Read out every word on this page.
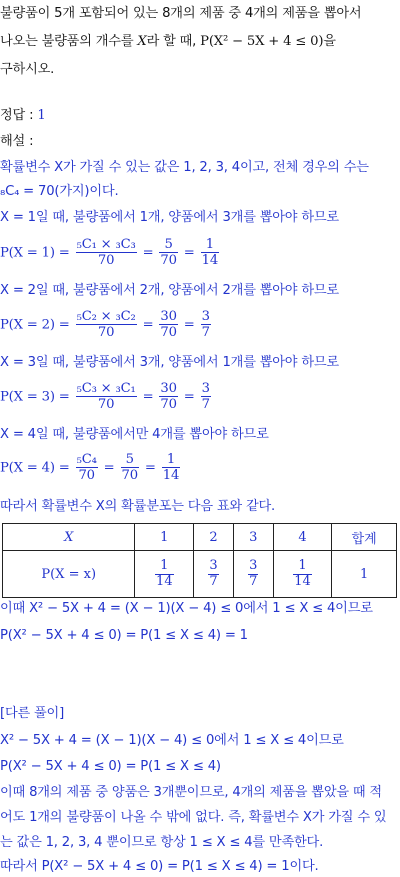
불량품이 5개 포함되어 있는 8개의 제품 중 4개의 제품을 뽑아서
나오는 불량품의 개수를 X라 할 때, P(X² − 5X + 4 ≤ 0)을
구하시오.
정답 : 1
해설 :
확률변수 X가 가질 수 있는 값은 1, 2, 3, 4이고, 전체 경우의 수는
₈C₄ = 70(가지)이다.
X = 1일 때, 불량품에서 1개, 양품에서 3개를 뽑아야 하므로
$P(X = 1) = \frac{\text{₅C₁ × ₃C₃}}{70} = \frac{5}{70} = \frac{1}{14}$
X = 2일 때, 불량품에서 2개, 양품에서 2개를 뽑아야 하므로
$P(X = 2) = \frac{\text{₅C₂ × ₃C₂}}{70} = \frac{30}{70} = \frac{3}{7}$
X = 3일 때, 불량품에서 3개, 양품에서 1개를 뽑아야 하므로
$P(X = 3) = \frac{\text{₅C₃ × ₃C₁}}{70} = \frac{30}{70} = \frac{3}{7}$
X = 4일 때, 불량품에서만 4개를 뽑아야 하므로
$P(X = 4) = \frac{\text{₅C₄}}{70} = \frac{5}{70} = \frac{1}{14}$
따라서 확률변수 X의 확률분포는 다음 표와 같다.
X	1	2	3	4	합계
P(X = x)	$\frac{1}{14}$	$\frac{3}{7}$	$\frac{3}{7}$	$\frac{1}{14}$	1
이때 X² − 5X + 4 = (X − 1)(X − 4) ≤ 0에서 1 ≤ X ≤ 4이므로
P(X² − 5X + 4 ≤ 0) = P(1 ≤ X ≤ 4) = 1
[다른 풀이]
X² − 5X + 4 = (X − 1)(X − 4) ≤ 0에서 1 ≤ X ≤ 4이므로
P(X² − 5X + 4 ≤ 0) = P(1 ≤ X ≤ 4)
이때 8개의 제품 중 양품은 3개뿐이므로, 4개의 제품을 뽑았을 때 적
어도 1개의 불량품이 나올 수 밖에 없다. 즉, 확률변수 X가 가질 수 있
는 값은 1, 2, 3, 4 뿐이므로 항상 1 ≤ X ≤ 4를 만족한다.
따라서 P(X² − 5X + 4 ≤ 0) = P(1 ≤ X ≤ 4) = 1이다.
